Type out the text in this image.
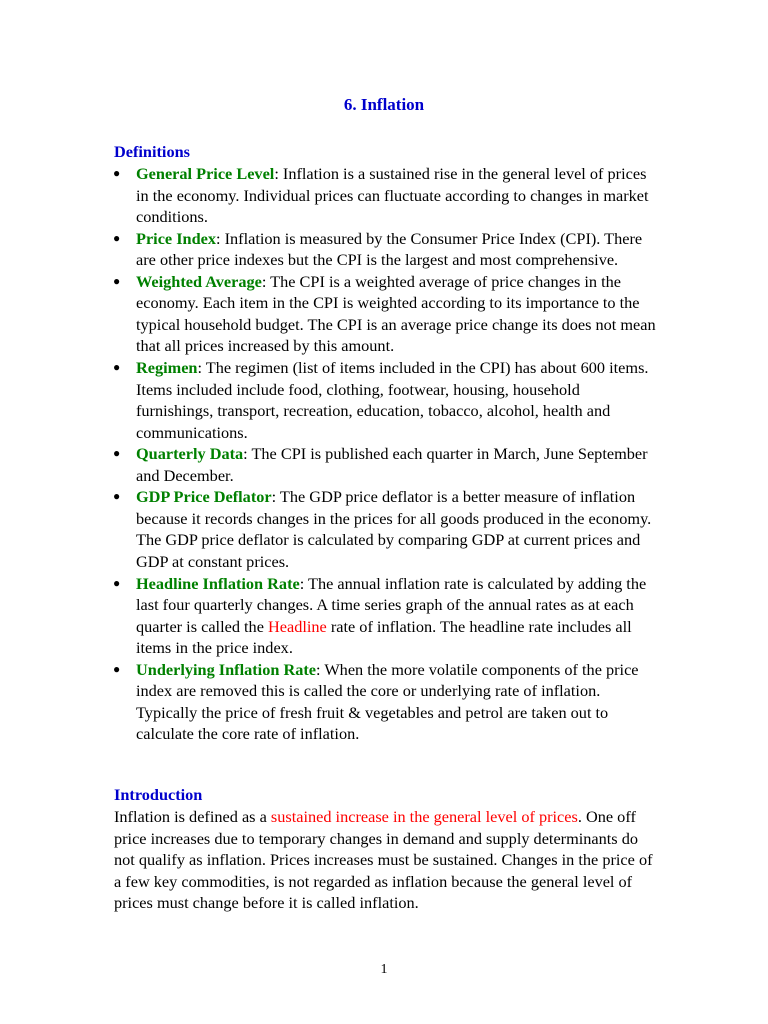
6. Inflation
Definitions
● General Price Level: Inflation is a sustained rise in the general level of prices in the economy. Individual prices can fluctuate according to changes in market conditions.
● Price Index: Inflation is measured by the Consumer Price Index (CPI). There are other price indexes but the CPI is the largest and most comprehensive.
● Weighted Average: The CPI is a weighted average of price changes in the economy. Each item in the CPI is weighted according to its importance to the typical household budget. The CPI is an average price change its does not mean that all prices increased by this amount.
● Regimen: The regimen (list of items included in the CPI) has about 600 items. Items included include food, clothing, footwear, housing, household furnishings, transport, recreation, education, tobacco, alcohol, health and communications.
● Quarterly Data: The CPI is published each quarter in March, June September and December.
● GDP Price Deflator: The GDP price deflator is a better measure of inflation because it records changes in the prices for all goods produced in the economy. The GDP price deflator is calculated by comparing GDP at current prices and GDP at constant prices.
● Headline Inflation Rate: The annual inflation rate is calculated by adding the last four quarterly changes. A time series graph of the annual rates as at each quarter is called the Headline rate of inflation. The headline rate includes all items in the price index.
● Underlying Inflation Rate: When the more volatile components of the price index are removed this is called the core or underlying rate of inflation. Typically the price of fresh fruit & vegetables and petrol are taken out to calculate the core rate of inflation.
Introduction

Inflation is defined as a sustained increase in the general level of prices. One off price increases due to temporary changes in demand and supply determinants do not qualify as inflation. Prices increases must be sustained. Changes in the price of a few key commodities, is not regarded as inflation because the general level of prices must change before it is called inflation.

1
